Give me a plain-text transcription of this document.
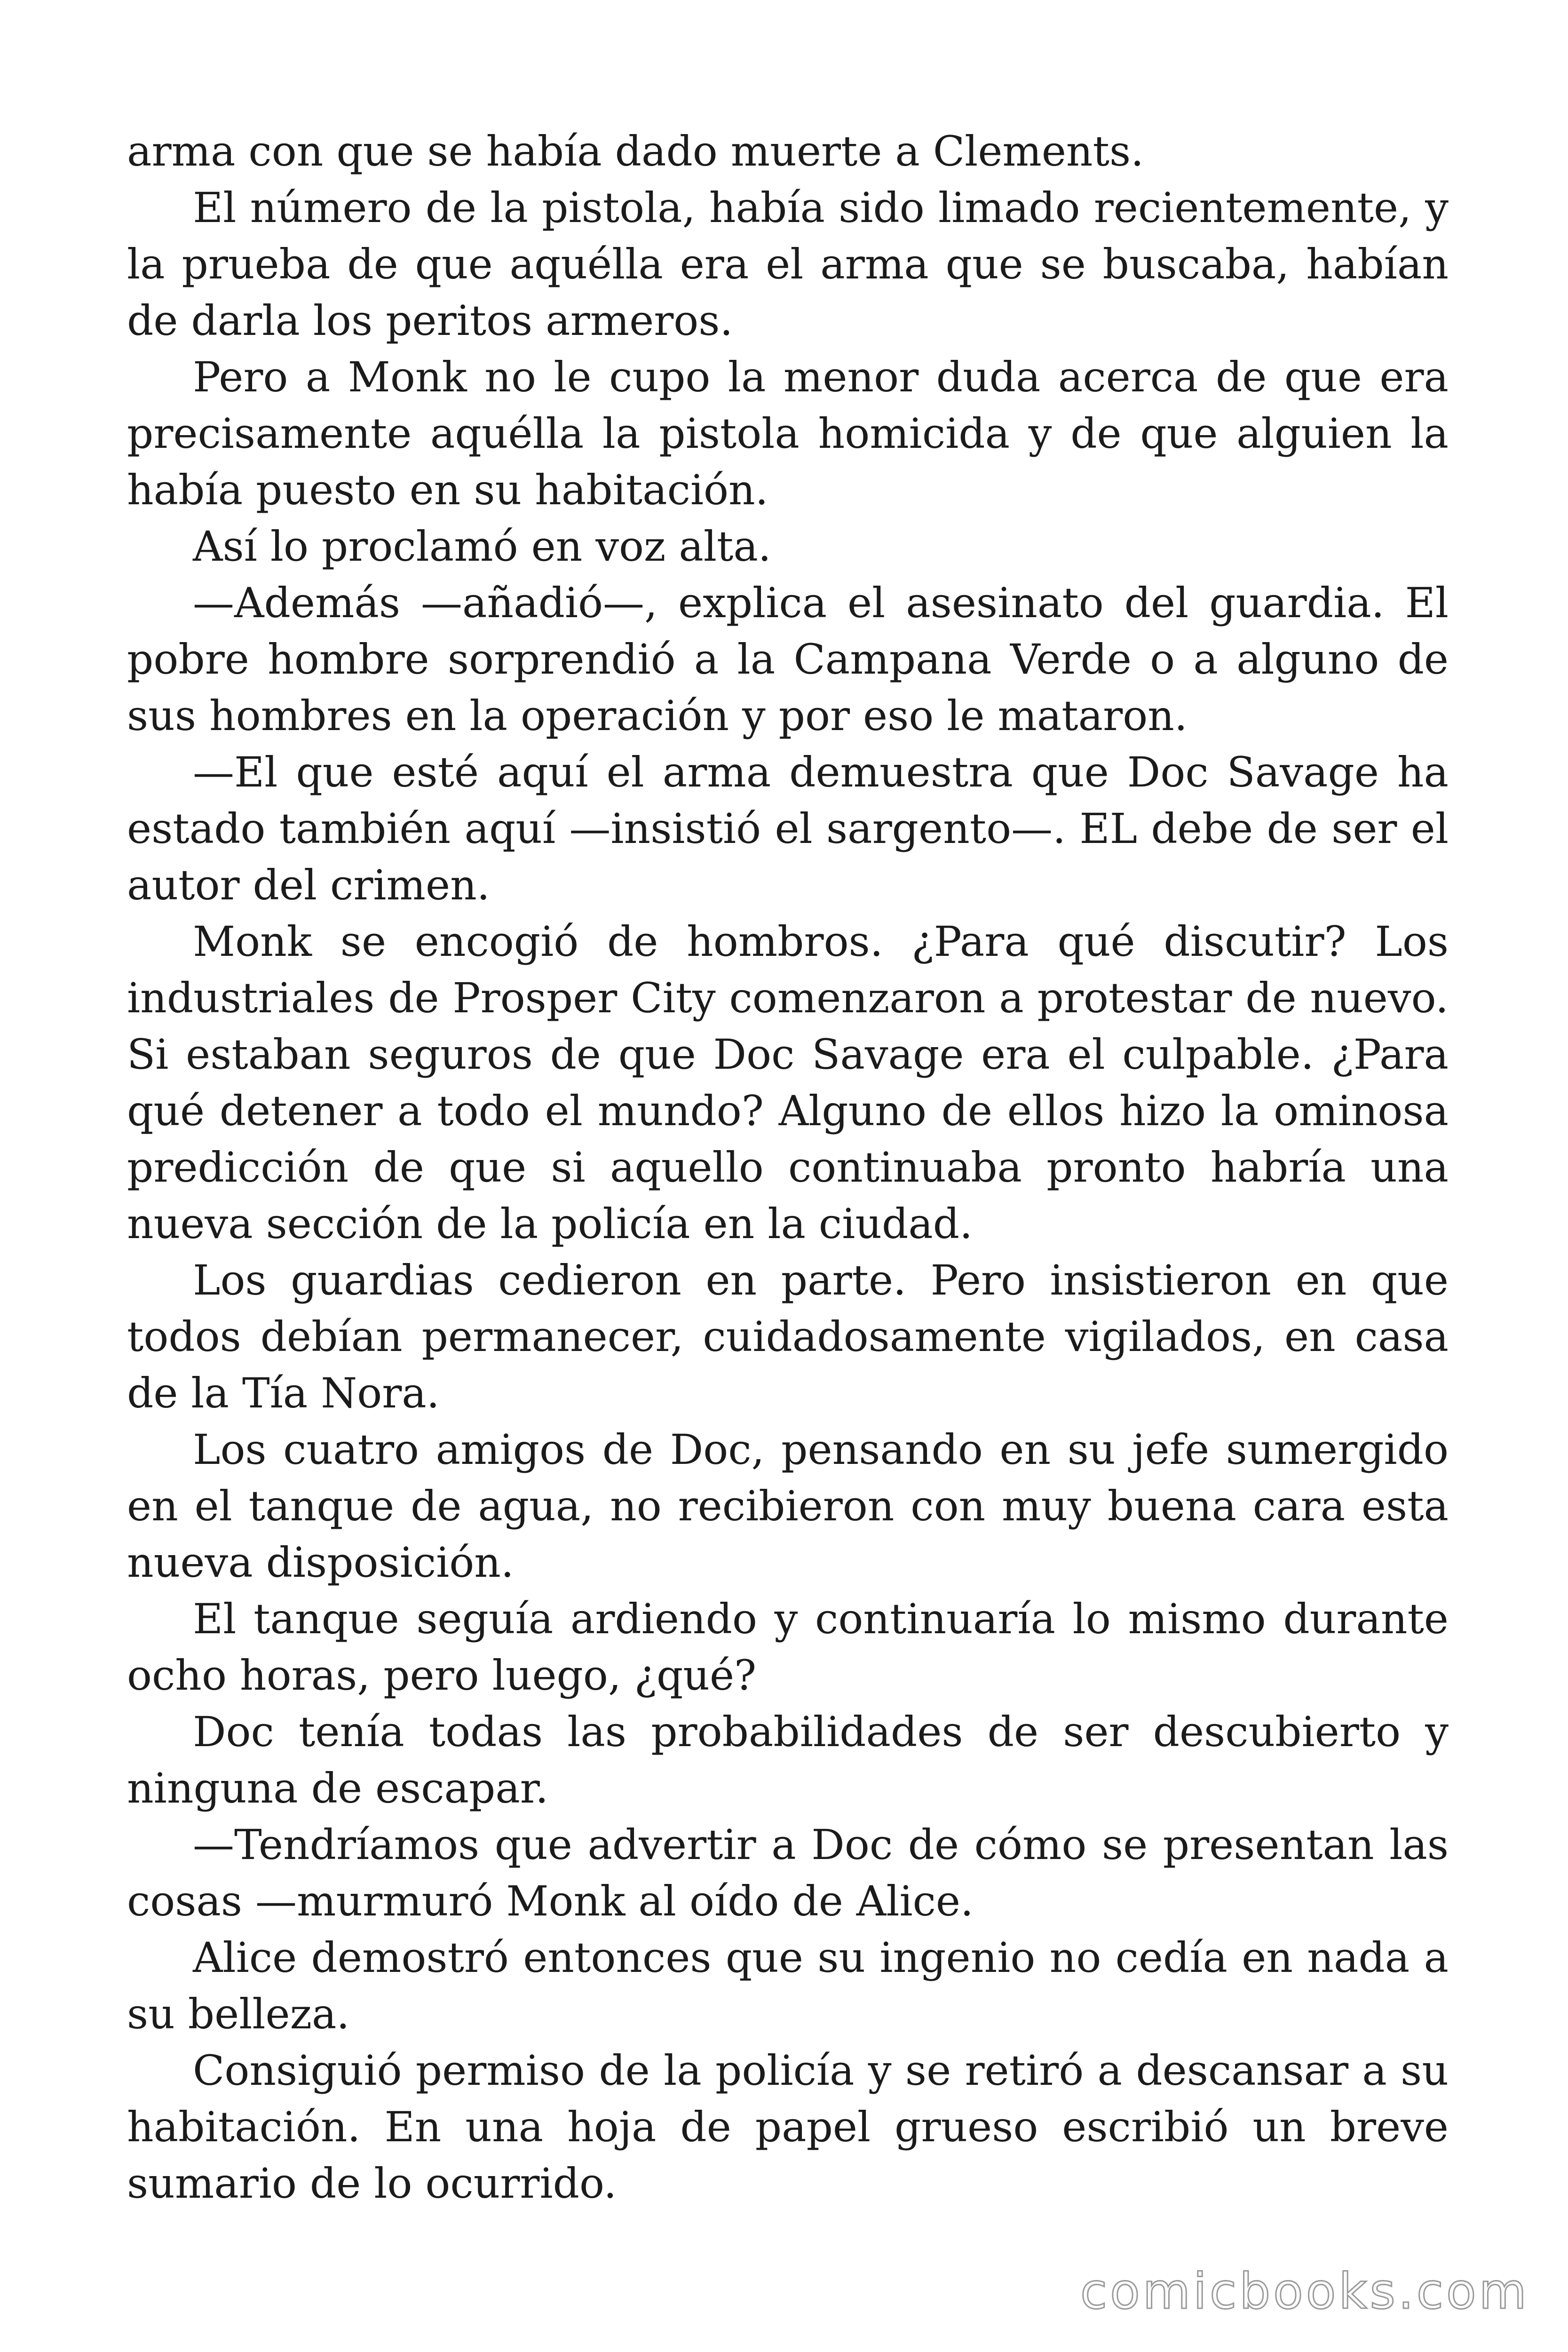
arma con que se había dado muerte a Clements.

El número de la pistola, había sido limado recientemente, y la prueba de que aquélla era el arma que se buscaba, habían de darla los peritos armeros.

Pero a Monk no le cupo la menor duda acerca de que era precisamente aquélla la pistola homicida y de que alguien la había puesto en su habitación.

Así lo proclamó en voz alta.

—Además —añadió—, explica el asesinato del guardia. El pobre hombre sorprendió a la Campana Verde o a alguno de sus hombres en la operación y por eso le mataron.

—El que esté aquí el arma demuestra que Doc Savage ha estado también aquí —insistió el sargento—. EL debe de ser el autor del crimen.

Monk se encogió de hombros. ¿Para qué discutir? Los industriales de Prosper City comenzaron a protestar de nuevo. Si estaban seguros de que Doc Savage era el culpable. ¿Para qué detener a todo el mundo? Alguno de ellos hizo la ominosa predicción de que si aquello continuaba pronto habría una nueva sección de la policía en la ciudad.

Los guardias cedieron en parte. Pero insistieron en que todos debían permanecer, cuidadosamente vigilados, en casa de la Tía Nora.

Los cuatro amigos de Doc, pensando en su jefe sumergido en el tanque de agua, no recibieron con muy buena cara esta nueva disposición.

El tanque seguía ardiendo y continuaría lo mismo durante ocho horas, pero luego, ¿qué?

Doc tenía todas las probabilidades de ser descubierto y ninguna de escapar.

—Tendríamos que advertir a Doc de cómo se presentan las cosas —murmuró Monk al oído de Alice.

Alice demostró entonces que su ingenio no cedía en nada a su belleza.

Consiguió permiso de la policía y se retiró a descansar a su habitación. En una hoja de papel grueso escribió un breve sumario de lo ocurrido.

comicbooks.com
